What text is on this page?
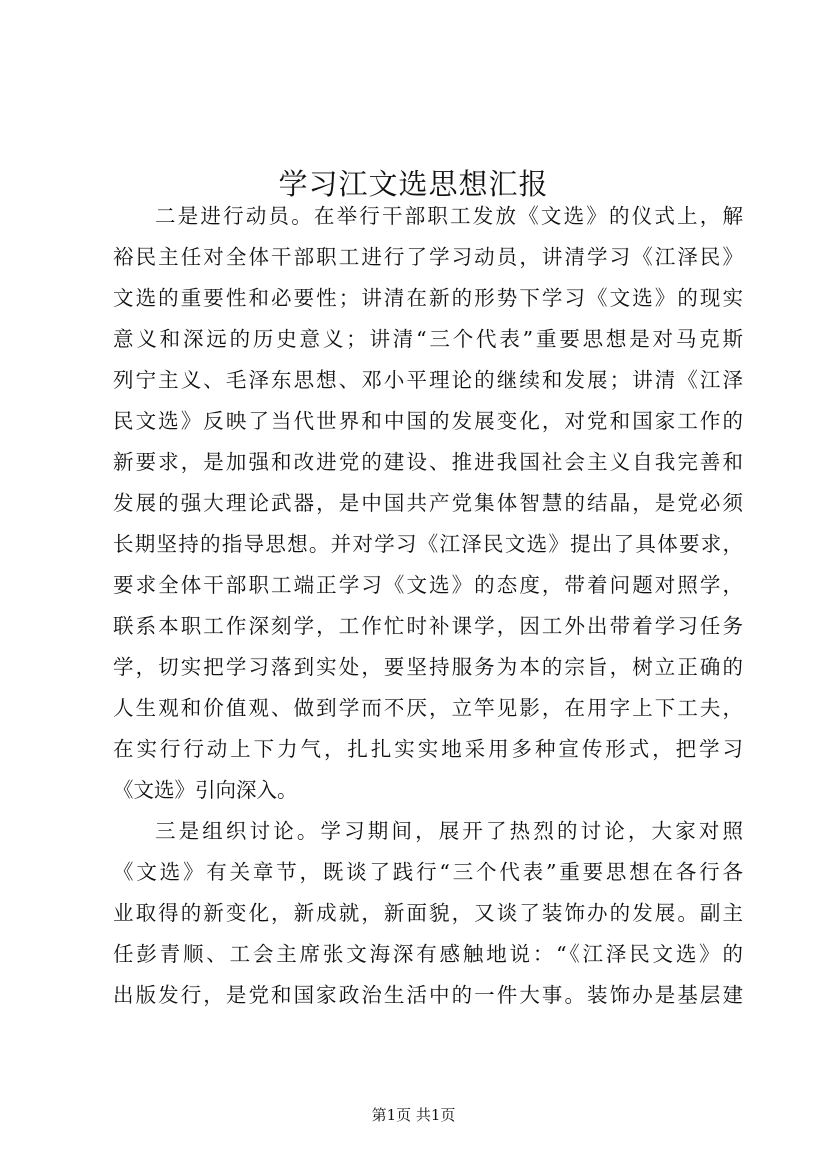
学习江文选思想汇报
二是进行动员。在举行干部职工发放《文选》的仪式上，解
裕民主任对全体干部职工进行了学习动员，讲清学习《江泽民》
文选的重要性和必要性；讲清在新的形势下学习《文选》的现实
意义和深远的历史意义；讲清“三个代表”重要思想是对马克斯
列宁主义、毛泽东思想、邓小平理论的继续和发展；讲清《江泽
民文选》反映了当代世界和中国的发展变化，对党和国家工作的
新要求，是加强和改进党的建设、推进我国社会主义自我完善和
发展的强大理论武器，是中国共产党集体智慧的结晶，是党必须
长期坚持的指导思想。并对学习《江泽民文选》提出了具体要求，
要求全体干部职工端正学习《文选》的态度，带着问题对照学，
联系本职工作深刻学，工作忙时补课学，因工外出带着学习任务
学，切实把学习落到实处，要坚持服务为本的宗旨，树立正确的
人生观和价值观、做到学而不厌，立竿见影，在用字上下工夫，
在实行行动上下力气，扎扎实实地采用多种宣传形式，把学习
《文选》引向深入。
三是组织讨论。学习期间，展开了热烈的讨论，大家对照
《文选》有关章节，既谈了践行“三个代表”重要思想在各行各
业取得的新变化，新成就，新面貌，又谈了装饰办的发展。副主
任彭青顺、工会主席张文海深有感触地说：“《江泽民文选》的
出版发行，是党和国家政治生活中的一件大事。装饰办是基层建
第1页 共1页
